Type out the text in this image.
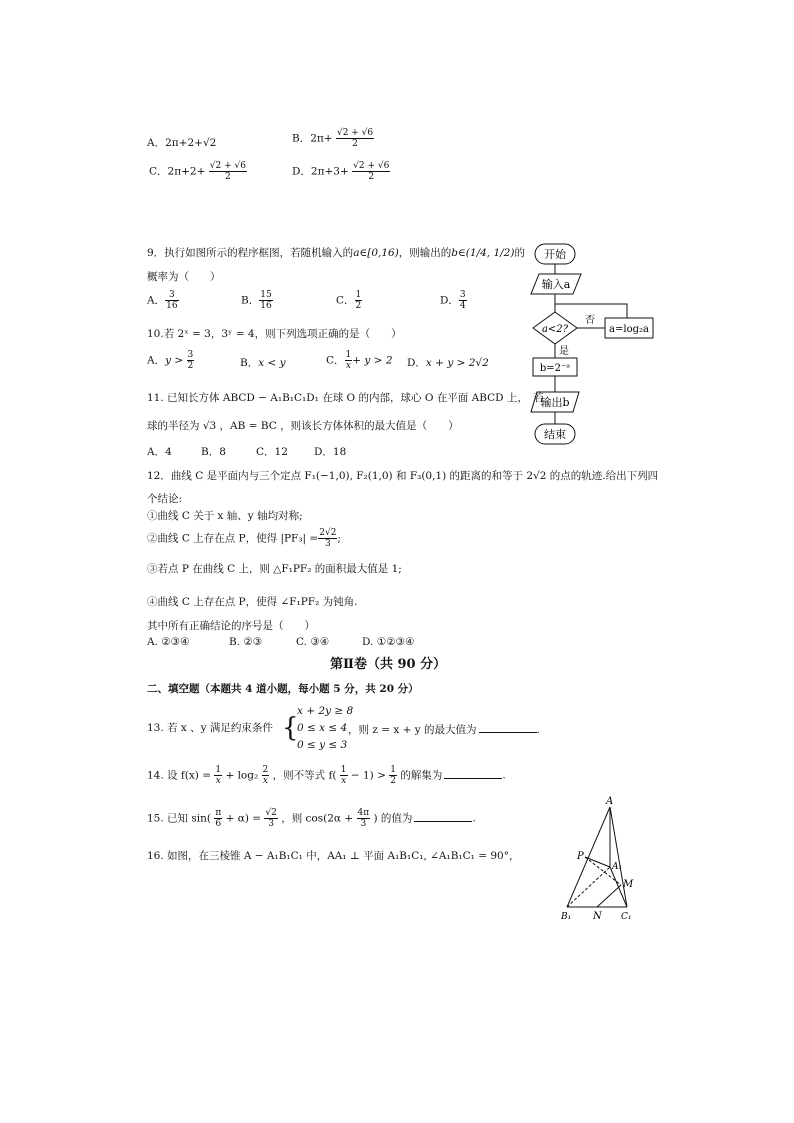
A．2π+2+√2	B．$2\pi+ \frac{√2 + √6}{2}$
C．$2\pi+2+ \frac{√2 + √6}{2}$	D．$2\pi+3+ \frac{√2 + √6}{2}$
9．执行如图所示的程序框图，若随机输入的a∈[0,16)，则输出的b∈(1/4, 1/2)的
概率为（　　）
A． $\frac{3}{16}$	B． $\frac{15}{16}$	C． $\frac{1}{2}$	D． $\frac{3}{4}$
开始
输入a
a<2?
否
a=log₂a
是
b=2⁻ᵃ
输出b
结束
10.若 2ˣ = 3，3ʸ = 4，则下列选项正确的是（　　）
A．$y > \frac{3}{2}$	B．x < y	C． $\frac{1}{x} + y > 2$ D．x + y > 2√2
11. 已知长方体 ABCD − A₁B₁C₁D₁ 在球 O 的内部，球心 O 在平面 ABCD 上，　若
球的半径为 √3 ，AB = BC ，则该长方体体积的最大值是（　　）
A．4	B．8	C．12 D．18
12．曲线 C 是平面内与三个定点 F₁(−1,0), F₂(1,0) 和 F₃(0,1) 的距离的和等于 2√2 的点的轨迹.给出下列四
个结论:
①曲线 C 关于 x 轴、y 轴均对称;
②曲线 C 上存在点 P，使得 $|PF_3| = \frac{2√2}{3}$ ;
③若点 P 在曲线 C 上，则 △F₁PF₂ 的面积最大值是 1;
④曲线 C 上存在点 P，使得 ∠F₁PF₂ 为钝角.
其中所有正确结论的序号是（　　）
A. ②③④	B. ②③	C. ③④	D. ①②③④
第Ⅱ卷（共 90 分）
二、填空题（本题共 4 道小题，每小题 5 分，共 20 分）
13. 若 x 、y 满足约束条件 {
x + 2y ≥ 8
0 ≤ x ≤ 4
0 ≤ y ≤ 3
，则 z = x + y 的最大值为	.
14. 设 $f(x) = \frac{1}{x} + \log_2 \frac{2}{x}$ ，则不等式 $f( \frac{1}{x} - 1) > \frac{1}{2}$ 的解集为	.
15. 已知 $\sin( \frac{\pi}{6} + \alpha) = \frac{√2}{3}$ ，则 $\cos(2\alpha + \frac{4\pi}{3}$ ) 的值为	.
16. 如图，在三棱锥 A − A₁B₁C₁ 中，AA₁ ⊥ 平面 A₁B₁C₁, ∠A₁B₁C₁ = 90°，
A
P
A₁
M
B₁ N C₁
